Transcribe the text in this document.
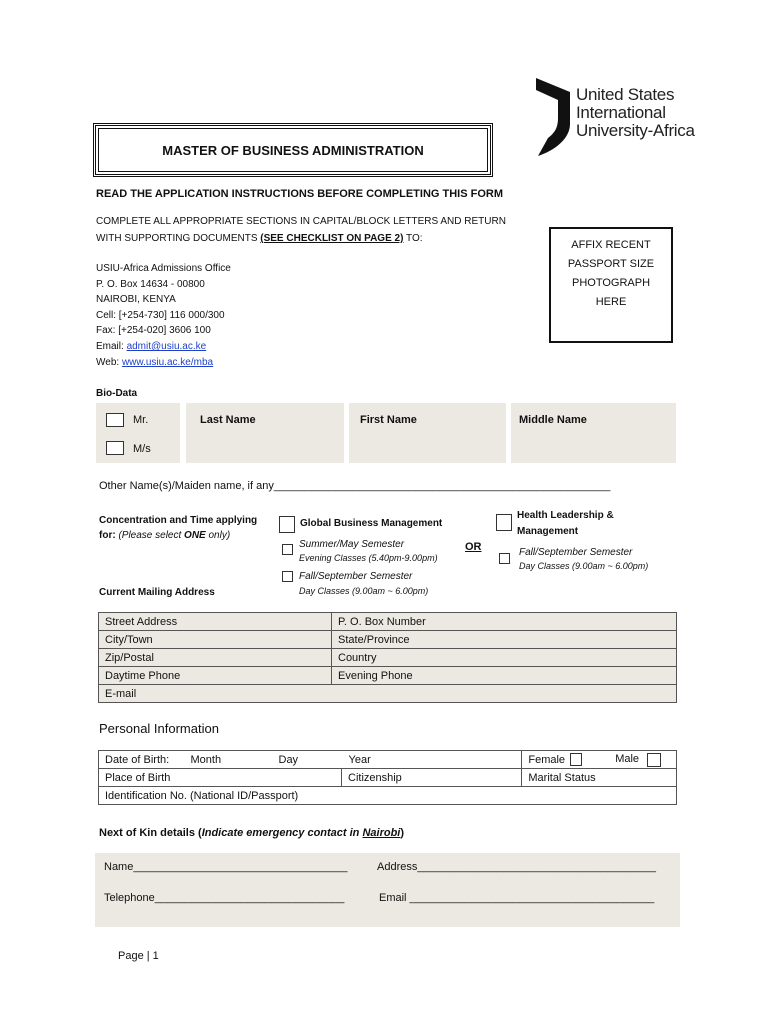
USIU
AFRICA
United States
International
University-Africa
MASTER OF BUSINESS ADMINISTRATION
READ THE APPLICATION INSTRUCTIONS BEFORE COMPLETING THIS FORM
COMPLETE ALL APPROPRIATE SECTIONS IN CAPITAL/BLOCK LETTERS AND RETURN
WITH SUPPORTING DOCUMENTS (SEE CHECKLIST ON PAGE 2) TO:
USIU-Africa Admissions Office
P. O. Box 14634 - 00800
NAIROBI, KENYA
Cell: [+254-730] 116 000/300
Fax: [+254-020] 3606 100
Email: admit@usiu.ac.ke
Web: www.usiu.ac.ke/mba
AFFIX RECENT
PASSPORT SIZE
PHOTOGRAPH
HERE
Bio-Data
Mr.
M/s
Last Name	First Name	Middle Name
Other Name(s)/Maiden name, if any_______________________________________________________
Concentration and Time applying
for: (Please select ONE only)
Global Business Management
Summer/May Semester
Evening Classes (5.40pm-9.00pm)
Fall/September Semester
Day Classes (9.00am ~ 6.00pm)
OR
Health Leadership &
Management
Fall/September Semester
Day Classes (9.00am ~ 6.00pm)
Current Mailing Address
Street Address	P. O. Box Number
City/Town	State/Province
Zip/Postal	Country
Daytime Phone	Evening Phone
E-mail	
Personal Information
Date of Birth: Month Day Year		Female Male
Place of Birth	Citizenship	Marital Status
Identification No. (National ID/Passport)		
Next of Kin details (Indicate emergency contact in Nairobi)
Name___________________________________	Address_______________________________________
Telephone_______________________________	Email ________________________________________
Page | 1
